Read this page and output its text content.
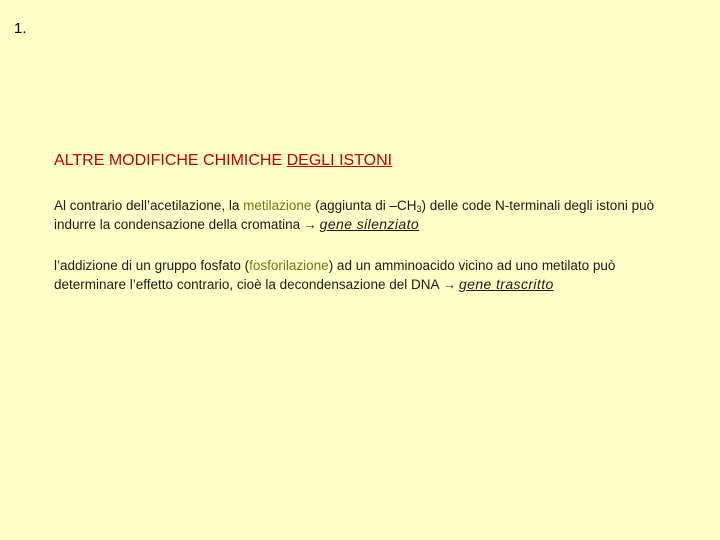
1.
ALTRE MODIFICHE CHIMICHE DEGLI ISTONI
Al contrario dell’acetilazione, la metilazione (aggiunta di $-CH_3$) delle code N-terminali degli istoni può indurre la condensazione della cromatina → gene silenziato
l’addizione di un gruppo fosfato (fosforilazione) ad un amminoacido vicino ad uno metilato può determinare l’effetto contrario, cioè la decondensazione del DNA → gene trascritto
